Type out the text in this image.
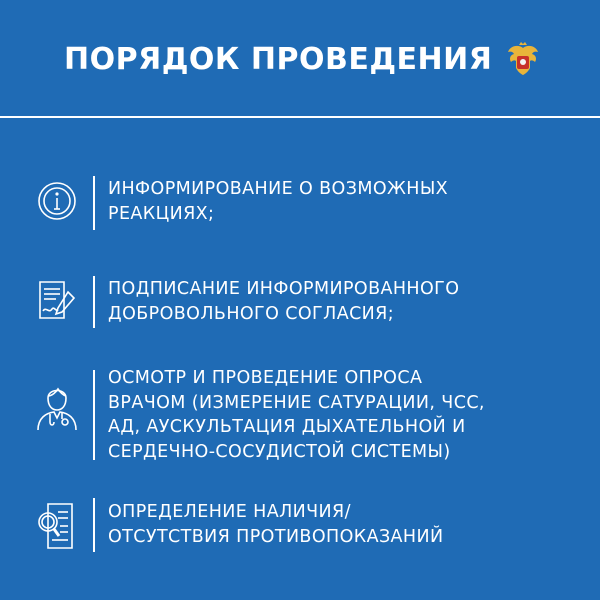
ПОРЯДОК ПРОВЕДЕНИЯ
ИНФОРМИРОВАНИЕ О ВОЗМОЖНЫХ
РЕАКЦИЯХ;
ПОДПИСАНИЕ ИНФОРМИРОВАННОГО
ДОБРОВОЛЬНОГО СОГЛАСИЯ;
ОСМОТР И ПРОВЕДЕНИЕ ОПРОСА
ВРАЧОМ (ИЗМЕРЕНИЕ САТУРАЦИИ, ЧСС,
АД, АУСКУЛЬТАЦИЯ ДЫХАТЕЛЬНОЙ И
СЕРДЕЧНО-СОСУДИСТОЙ СИСТЕМЫ)
ОПРЕДЕЛЕНИЕ НАЛИЧИЯ/
ОТСУТСТВИЯ ПРОТИВОПОКАЗАНИЙ
